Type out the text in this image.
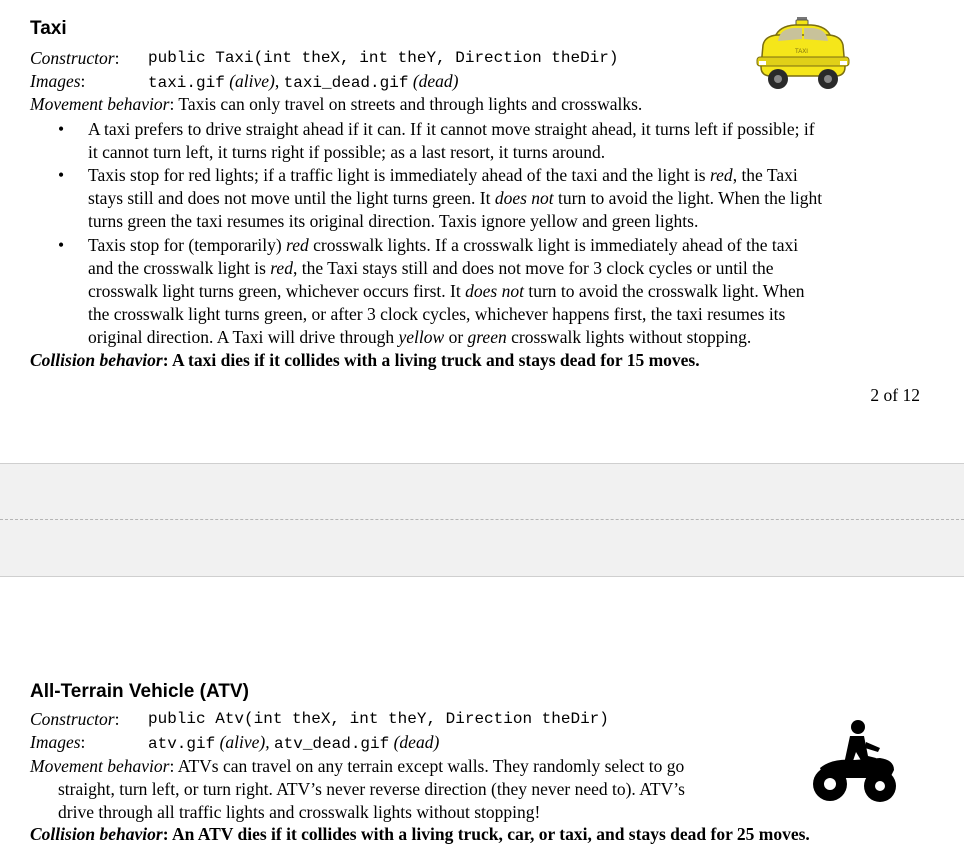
Taxi
Constructor: public Taxi(int theX, int theY, Direction theDir)
Images:	taxi.gif (alive), taxi_dead.gif (dead)
Movement behavior: Taxis can only travel on streets and through lights and crosswalks.
TAXI
• A taxi prefers to drive straight ahead if it can. If it cannot move straight ahead, it turns left if possible; if
it cannot turn left, it turns right if possible; as a last resort, it turns around.
• Taxis stop for red lights; if a traffic light is immediately ahead of the taxi and the light is red, the Taxi
stays still and does not move until the light turns green. It does not turn to avoid the light. When the light
turns green the taxi resumes its original direction. Taxis ignore yellow and green lights.
• Taxis stop for (temporarily) red crosswalk lights. If a crosswalk light is immediately ahead of the taxi
and the crosswalk light is red, the Taxi stays still and does not move for 3 clock cycles or until the
crosswalk light turns green, whichever occurs first. It does not turn to avoid the crosswalk light. When
the crosswalk light turns green, or after 3 clock cycles, whichever happens first, the taxi resumes its
original direction. A Taxi will drive through yellow or green crosswalk lights without stopping.
Collision behavior: A taxi dies if it collides with a living truck and stays dead for 15 moves.
2 of 12
All-Terrain Vehicle (ATV)
Constructor: public Atv(int theX, int theY, Direction theDir)
Images:	atv.gif (alive), atv_dead.gif (dead)
Movement behavior: ATVs can travel on any terrain except walls. They randomly select to go
straight, turn left, or turn right. ATV’s never reverse direction (they never need to). ATV’s
drive through all traffic lights and crosswalk lights without stopping!
Collision behavior: An ATV dies if it collides with a living truck, car, or taxi, and stays dead for 25 moves.
